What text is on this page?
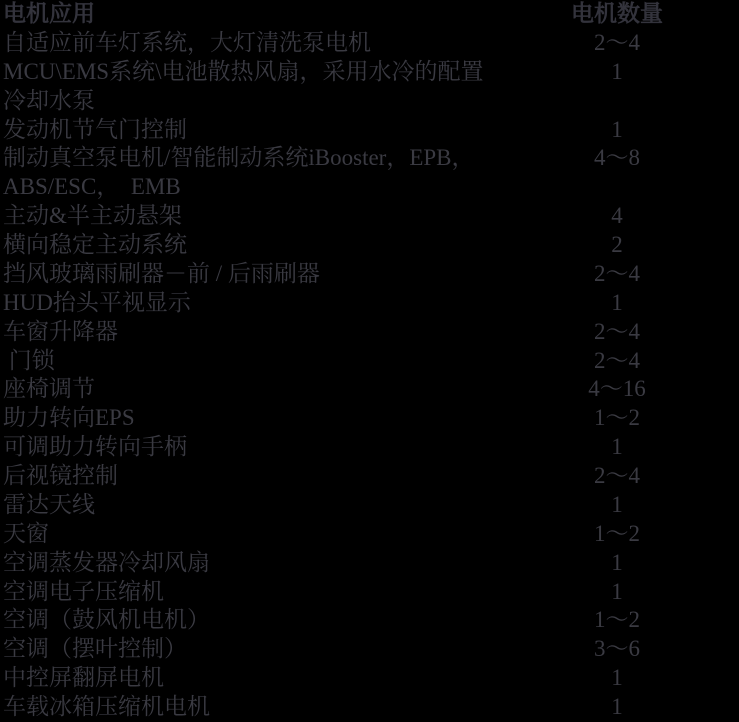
电机应用	电机数量
自适应前车灯系统，大灯清洗泵电机	2～4
MCU\EMS系统\电池散热风扇，采用水冷的配置	1
冷却水泵
发动机节气门控制	1
制动真空泵电机/智能制动系统iBooster，EPB，	4～8
ABS/ESC，  EMB
主动&半主动悬架	4
横向稳定主动系统	2
挡风玻璃雨刷器－前 / 后雨刷器	2～4
HUD抬头平视显示	1
车窗升降器	2～4
门锁	2～4
座椅调节	4～16
助力转向EPS	1～2
可调助力转向手柄	1
后视镜控制	2～4
雷达天线	1
天窗	1～2
空调蒸发器冷却风扇	1
空调电子压缩机	1
空调（鼓风机电机）	1～2
空调（摆叶控制）	3～6
中控屏翻屏电机	1
车载冰箱压缩机电机	1
